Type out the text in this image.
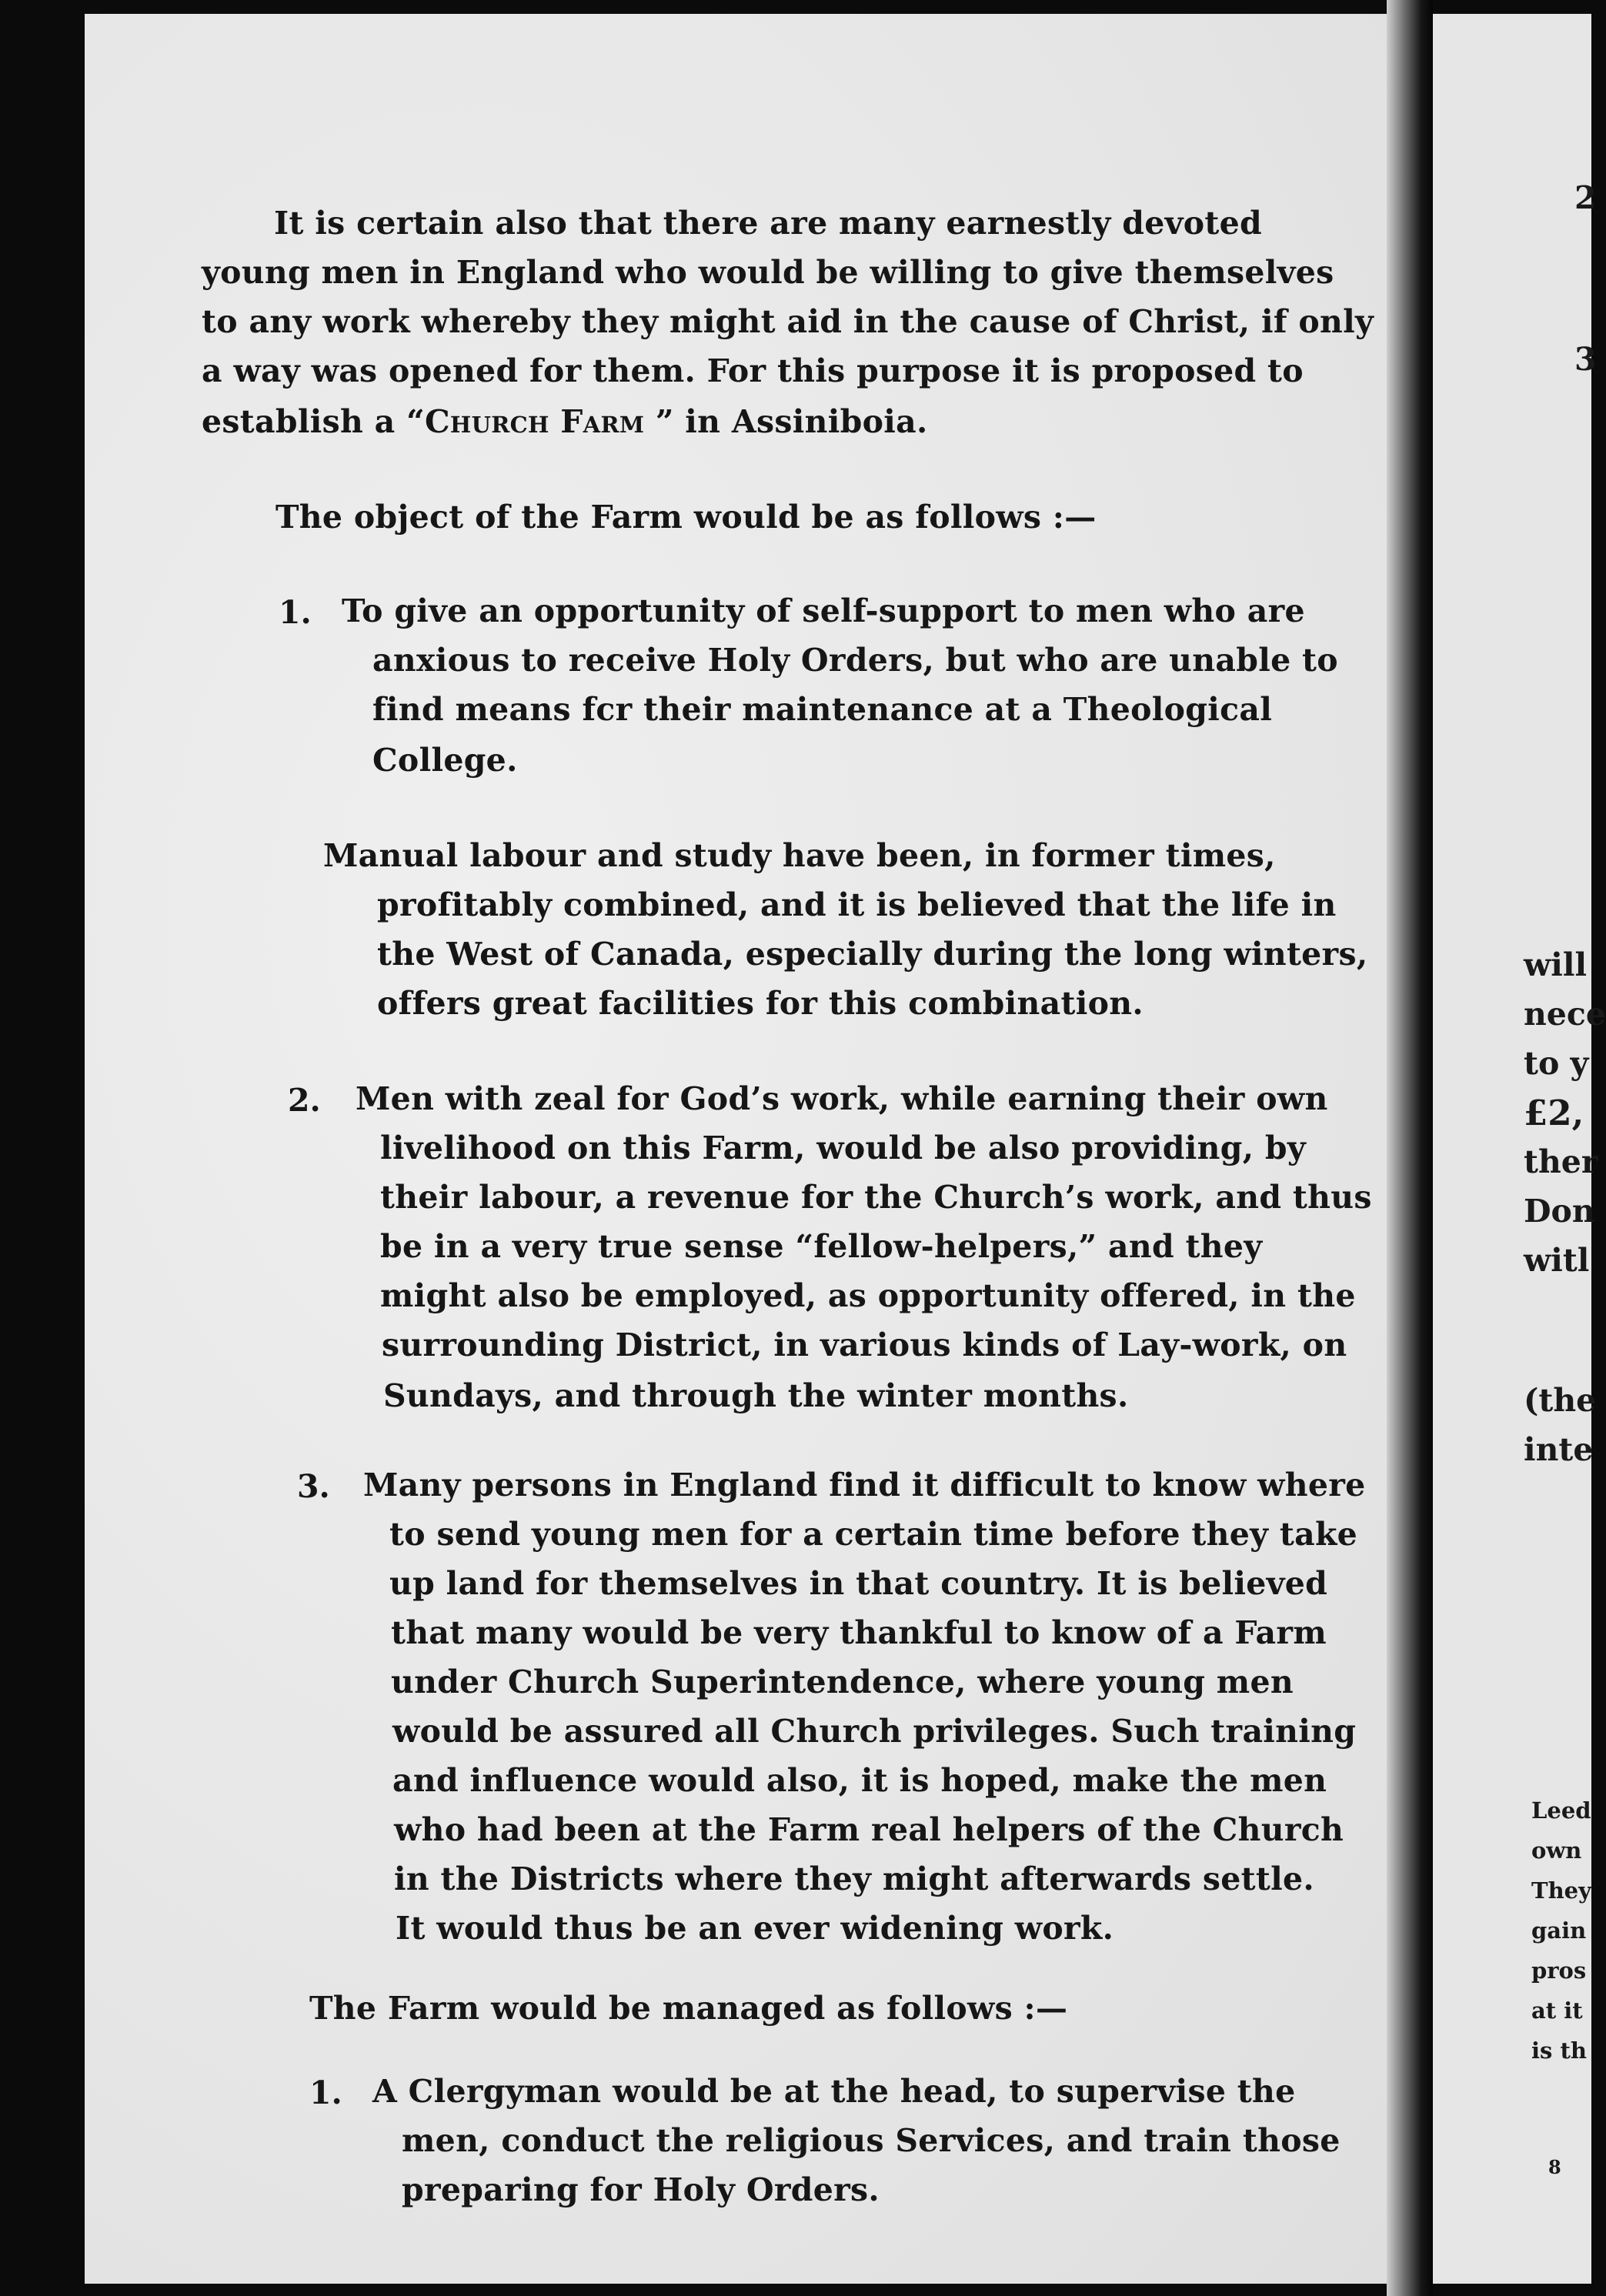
It is certain also that there are many earnestly devoted
young men in England who would be willing to give themselves
to any work whereby they might aid in the cause of Christ, if only
a way was opened for them. For this purpose it is proposed to
establish a “Church Farm ” in Assiniboia.
The object of the Farm would be as follows :—
1. To give an opportunity of self-support to men who are
anxious to receive Holy Orders, but who are unable to
find means fcr their maintenance at a Theological
College.
Manual labour and study have been, in former times,
profitably combined, and it is believed that the life in
the West of Canada, especially during the long winters,
offers great facilities for this combination.
2. Men with zeal for God’s work, while earning their own
livelihood on this Farm, would be also providing, by
their labour, a revenue for the Church’s work, and thus
be in a very true sense “fellow-helpers,” and they
might also be employed, as opportunity offered, in the
surrounding District, in various kinds of Lay-work, on
Sundays, and through the winter months.
3. Many persons in England find it difficult to know where
to send young men for a certain time before they take
up land for themselves in that country. It is believed
that many would be very thankful to know of a Farm
under Church Superintendence, where young men
would be assured all Church privileges. Such training
and influence would also, it is hoped, make the men
who had been at the Farm real helpers of the Church
in the Districts where they might afterwards settle.
It would thus be an ever widening work.
The Farm would be managed as follows :—
1. A Clergyman would be at the head, to supervise the
men, conduct the religious Services, and train those
preparing for Holy Orders.
2
3
will
nece
to y
£2,
ther
Don
witl
(the
inte
Leed
own
They
gain
pros
at it
is th
8
